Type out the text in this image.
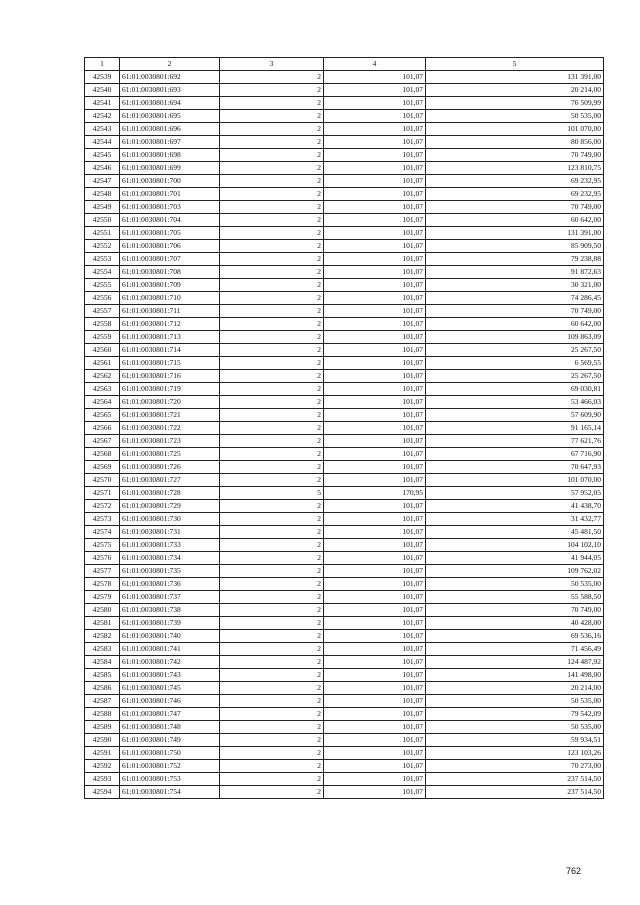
1	2	3	4	5
42539	61:01:0030801:692	2	101,07	131 391,00
42540	61:01:0030801:693	2	101,07	20 214,00
42541	61:01:0030801:694	2	101,07	76 509,99
42542	61:01:0030801:695	2	101,07	50 535,00
42543	61:01:0030801:696	2	101,07	101 070,00
42544	61:01:0030801:697	2	101,07	80 856,00
42545	61:01:0030801:698	2	101,07	70 749,00
42546	61:01:0030801:699	2	101,07	123 810,75
42547	61:01:0030801:700	2	101,07	69 232,95
42548	61:01:0030801:701	2	101,07	69 232,95
42549	61:01:0030801:703	2	101,07	70 749,00
42550	61:01:0030801:704	2	101,07	60 642,00
42551	61:01:0030801:705	2	101,07	131 391,00
42552	61:01:0030801:706	2	101,07	85 909,50
42553	61:01:0030801:707	2	101,07	79 238,88
42554	61:01:0030801:708	2	101,07	91 872,63
42555	61:01:0030801:709	2	101,07	30 321,00
42556	61:01:0030801:710	2	101,07	74 286,45
42557	61:01:0030801:711	2	101,07	70 749,00
42558	61:01:0030801:712	2	101,07	60 642,00
42559	61:01:0030801:713	2	101,07	109 863,09
42560	61:01:0030801:714	2	101,07	25 267,50
42561	61:01:0030801:715	2	101,07	6 569,55
42562	61:01:0030801:716	2	101,07	25 267,50
42563	61:01:0030801:719	2	101,07	69 030,81
42564	61:01:0030801:720	2	101,07	53 466,03
42565	61:01:0030801:721	2	101,07	57 609,90
42566	61:01:0030801:722	2	101,07	91 165,14
42567	61:01:0030801:723	2	101,07	77 621,76
42568	61:01:0030801:725	2	101,07	67 716,90
42569	61:01:0030801:726	2	101,07	70 647,93
42570	61:01:0030801:727	2	101,07	101 070,00
42571	61:01:0030801:728	5	170,95	57 952,05
42572	61:01:0030801:729	2	101,07	41 438,70
42573	61:01:0030801:730	2	101,07	31 432,77
42574	61:01:0030801:731	2	101,07	45 481,50
42575	61:01:0030801:733	2	101,07	104 102,10
42576	61:01:0030801:734	2	101,07	41 944,05
42577	61:01:0030801:735	2	101,07	109 762,02
42578	61:01:0030801:736	2	101,07	50 535,00
42579	61:01:0030801:737	2	101,07	55 588,50
42580	61:01:0030801:738	2	101,07	70 749,00
42581	61:01:0030801:739	2	101,07	40 428,00
42582	61:01:0030801:740	2	101,07	69 536,16
42583	61:01:0030801:741	2	101,07	71 456,49
42584	61:01:0030801:742	2	101,07	124 487,92
42585	61:01:0030801:743	2	101,07	141 498,00
42586	61:01:0030801:745	2	101,07	20 214,00
42587	61:01:0030801:746	2	101,07	50 535,00
42588	61:01:0030801:747	2	101,07	79 542,09
42589	61:01:0030801:748	2	101,07	50 535,00
42590	61:01:0030801:749	2	101,07	59 934,51
42591	61:01:0030801:750	2	101,07	123 103,26
42592	61:01:0030801:752	2	101,07	70 273,00
42593	61:01:0030801:753	2	101,07	237 514,50
42594	61:01:0030801:754	2	101,07	237 514,50
762
